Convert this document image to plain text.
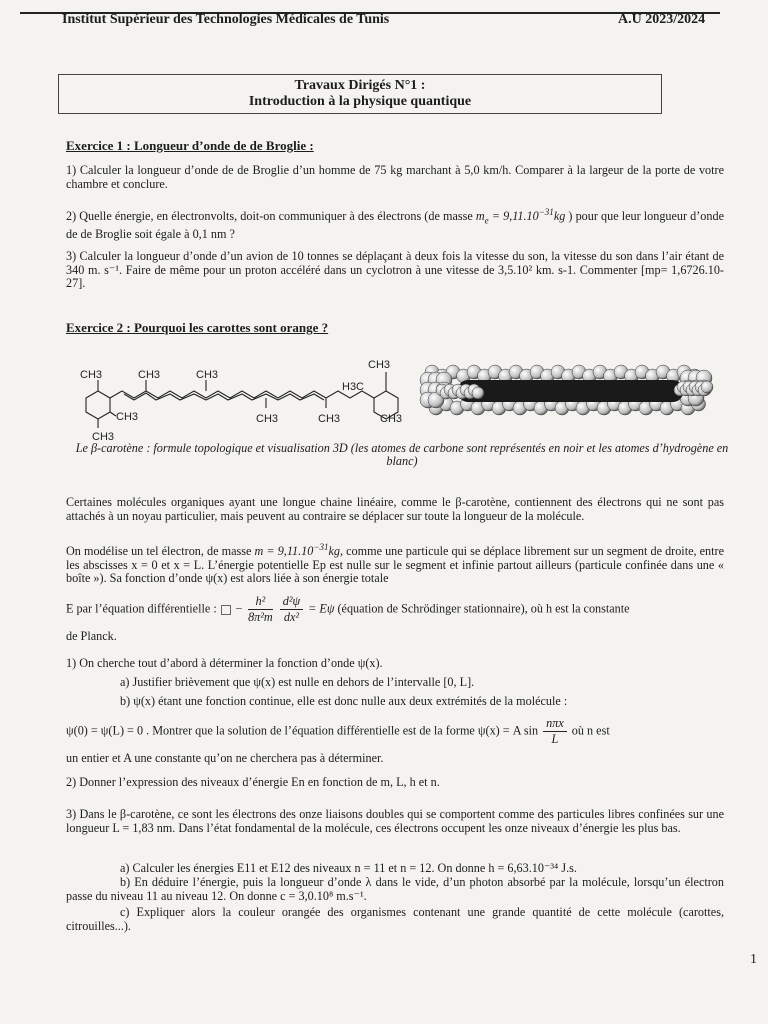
Institut Supérieur des Technologies Médicales de Tunis	A.U 2023/2024
Travaux Dirigés N°1 :
Introduction à la physique quantique
Exercice 1 : Longueur d’onde de de Broglie :
1) Calculer la longueur d’onde de de Broglie d’un homme de 75 kg marchant à 5,0 km/h. Comparer à la largeur de la porte de votre chambre et conclure.
2) Quelle énergie, en électronvolts, doit-on communiquer à des électrons (de masse $m_e = 9,11.10^{-31}kg$ ) pour que leur longueur d’onde de de Broglie soit égale à 0,1 nm ?
3) Calculer la longueur d’onde d’un avion de 10 tonnes se déplaçant à deux fois la vitesse du son, la vitesse du son dans l’air étant de 340 m. s⁻¹. Faire de même pour un proton accéléré dans un cyclotron à une vitesse de 3,5.10² km. s-1. Commenter [mp= 1,6726.10-27].
Exercice 2 : Pourquoi les carottes sont orange ?
CH3	CH3	CH3
CH3
CH3
CH3	CH3
CH3
H3C
CH3
Le β-carotène : formule topologique et visualisation 3D (les atomes de carbone sont représentés en noir et les atomes d’hydrogène en blanc)
Certaines molécules organiques ayant une longue chaine linéaire, comme le β-carotène, contiennent des électrons qui ne sont pas attachés à un noyau particulier, mais peuvent au contraire se déplacer sur toute la longueur de la molécule.
On modélise un tel électron, de masse $m = 9,11.10^{-31}kg$, comme une particule qui se déplace librement sur un segment de droite, entre les abscisses x = 0 et x = L. L’énergie potentielle Ep est nulle sur le segment et infinie partout ailleurs (particule confinée dans une « boîte »). Sa fonction d’onde ψ(x) est alors liée à son énergie totale
E par l’équation différentielle : − $\frac{\text{h²}}{\text{8π²m}}$
$\frac{\text{d²ψ}}{\text{dx²}} = E\psi$ (équation de Schrödinger stationnaire), où h est la constante
de Planck.
1) On cherche tout d’abord à déterminer la fonction d’onde ψ(x).
a) Justifier brièvement que ψ(x) est nulle en dehors de l’intervalle [0, L].
b) ψ(x) étant une fonction continue, elle est donc nulle aux deux extrémités de la molécule :
ψ(0) = ψ(L) = 0 . Montrer que la solution de l’équation différentielle est de la forme ψ(x) = A $\sin \frac{\text{nπx}}{L}$ où n est
un entier et A une constante qu’on ne cherchera pas à déterminer.
2) Donner l’expression des niveaux d’énergie En en fonction de m, L, h et n.
3) Dans le β-carotène, ce sont les électrons des onze liaisons doubles qui se comportent comme des particules libres confinées sur une longueur L = 1,83 nm. Dans l’état fondamental de la molécule, ces électrons occupent les onze niveaux d’énergie les plus bas.
a) Calculer les énergies E11 et E12 des niveaux n = 11 et n = 12. On donne h = 6,63.10⁻³⁴ J.s.
b) En déduire l’énergie, puis la longueur d’onde λ dans le vide, d’un photon absorbé par la molécule, lorsqu’un électron passe du niveau 11 au niveau 12. On donne c = 3,0.10⁸ m.s⁻¹.
c) Expliquer alors la couleur orangée des organismes contenant une grande quantité de cette molécule (carottes, citrouilles...).
1
